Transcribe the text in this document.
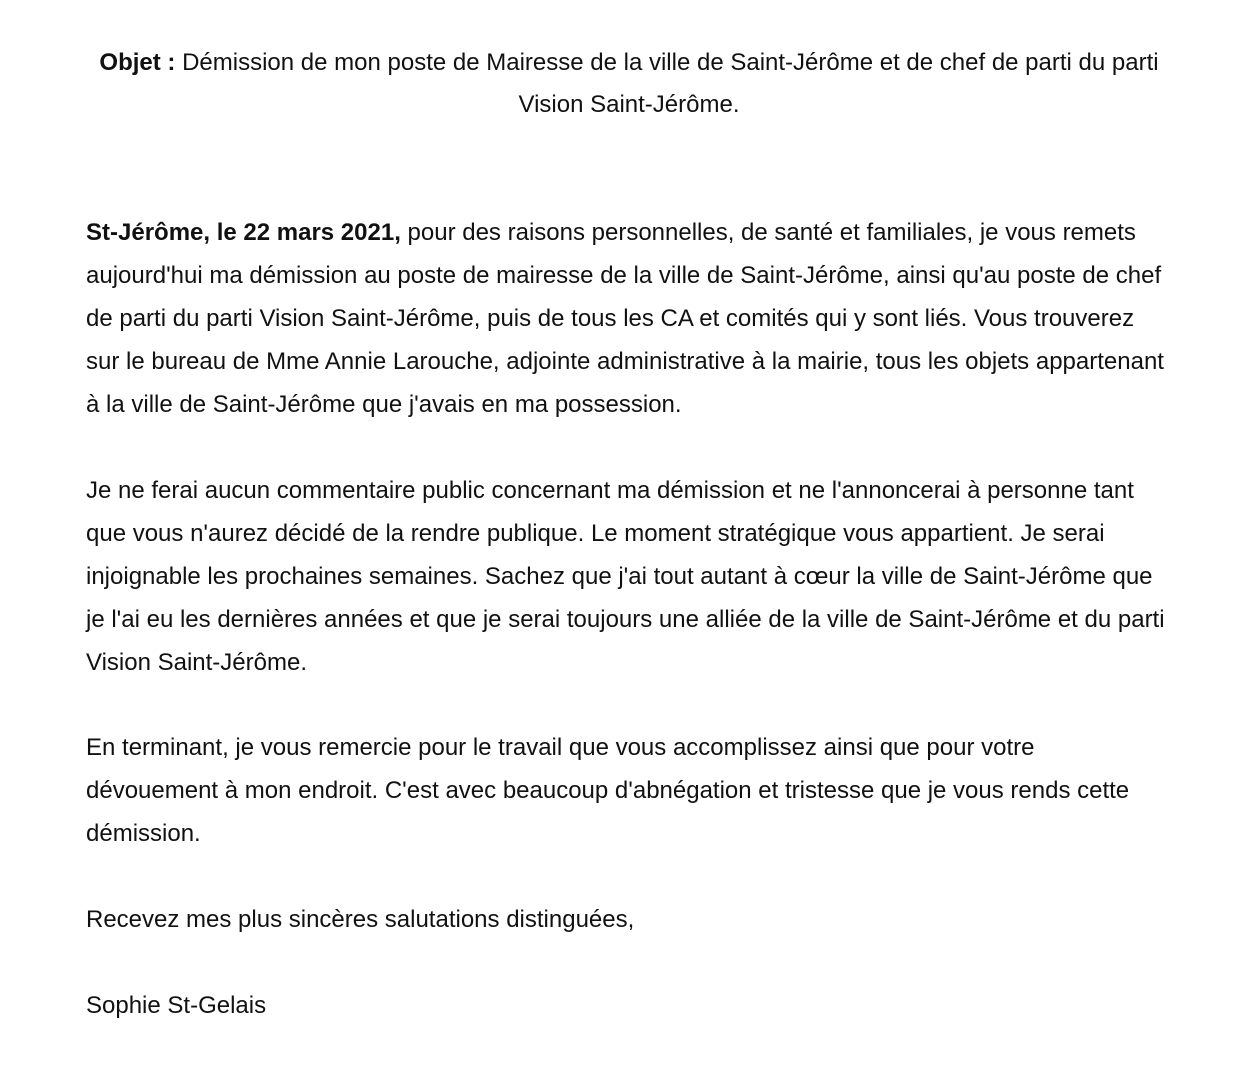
Objet : Démission de mon poste de Mairesse de la ville de Saint-Jérôme et de chef de parti du parti Vision Saint-Jérôme.

St-Jérôme, le 22 mars 2021, pour des raisons personnelles, de santé et familiales, je vous remets aujourd'hui ma démission au poste de mairesse de la ville de Saint-Jérôme, ainsi qu'au poste de chef de parti du parti Vision Saint-Jérôme, puis de tous les CA et comités qui y sont liés. Vous trouverez sur le bureau de Mme Annie Larouche, adjointe administrative à la mairie, tous les objets appartenant à la ville de Saint-Jérôme que j'avais en ma possession.

Je ne ferai aucun commentaire public concernant ma démission et ne l'annoncerai à personne tant que vous n'aurez décidé de la rendre publique. Le moment stratégique vous appartient. Je serai injoignable les prochaines semaines. Sachez que j'ai tout autant à cœur la ville de Saint-Jérôme que je l'ai eu les dernières années et que je serai toujours une alliée de la ville de Saint-Jérôme et du parti Vision Saint-Jérôme.

En terminant, je vous remercie pour le travail que vous accomplissez ainsi que pour votre dévouement à mon endroit. C'est avec beaucoup d'abnégation et tristesse que je vous rends cette démission.

Recevez mes plus sincères salutations distinguées,

Sophie St-Gelais
